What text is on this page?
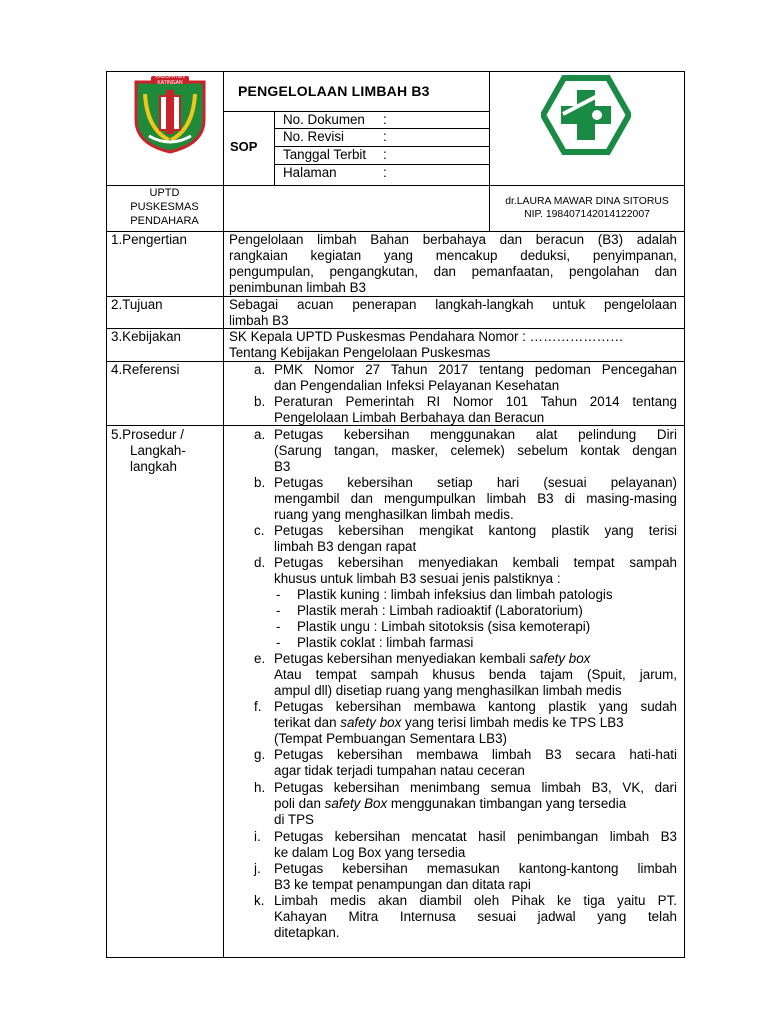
KABUPATEN
KATINGAN	PENGELOLAAN LIMBAH B3
SOP
No. Dokumen :
No. Revisi	:
Tanggal Terbit :
Halaman	:
UPTD
PUSKESMAS
PENDAHARA
dr.LAURA MAWAR DINA SITORUS
NIP. 198407142014122007
1.Pengertian	Pengelolaan limbah Bahan berbahaya dan beracun (B3) adalah
rangkaian kegiatan yang mencakup deduksi, penyimpanan,
pengumpulan, pengangkutan, dan pemanfaatan, pengolahan dan
penimbunan limbah B3
2.Tujuan	Sebagai acuan penerapan langkah-langkah untuk pengelolaan
limbah B3
3.Kebijakan	SK Kepala UPTD Puskesmas Pendahara Nomor : …………………
Tentang Kebijakan Pengelolaan Puskesmas
4.Referensi	a. PMK Nomor 27 Tahun 2017 tentang pedoman Pencegahan
dan Pengendalian Infeksi Pelayanan Kesehatan
b. Peraturan Pemerintah RI Nomor 101 Tahun 2014 tentang
Pengelolaan Limbah Berbahaya dan Beracun
5.Prosedur /
Langkah-
langkah
a. Petugas kebersihan menggunakan alat pelindung Diri
(Sarung tangan, masker, celemek) sebelum kontak dengan
B3
b. Petugas kebersihan setiap hari (sesuai pelayanan)
mengambil dan mengumpulkan limbah B3 di masing-masing
ruang yang menghasilkan limbah medis.
c. Petugas kebersihan mengikat kantong plastik yang terisi
limbah B3 dengan rapat
d. Petugas kebersihan menyediakan kembali tempat sampah
khusus untuk limbah B3 sesuai jenis palstiknya :
- Plastik kuning : limbah infeksius dan limbah patologis
- Plastik merah : Limbah radioaktif (Laboratorium)
- Plastik ungu : Limbah sitotoksis (sisa kemoterapi)
- Plastik coklat : limbah farmasi
e. Petugas kebersihan menyediakan kembali safety box
Atau tempat sampah khusus benda tajam (Spuit, jarum,
ampul dll) disetiap ruang yang menghasilkan limbah medis
f. Petugas kebersihan membawa kantong plastik yang sudah
terikat dan safety box yang terisi limbah medis ke TPS LB3
(Tempat Pembuangan Sementara LB3)
g. Petugas kebersihan membawa limbah B3 secara hati-hati
agar tidak terjadi tumpahan natau ceceran
h. Petugas kebersihan menimbang semua limbah B3, VK, dari
poli dan safety Box menggunakan timbangan yang tersedia
di TPS
i. Petugas kebersihan mencatat hasil penimbangan limbah B3
ke dalam Log Box yang tersedia
j. Petugas kebersihan memasukan kantong-kantong limbah
B3 ke tempat penampungan dan ditata rapi
k. Limbah medis akan diambil oleh Pihak ke tiga yaitu PT.
Kahayan Mitra Internusa sesuai jadwal yang telah
ditetapkan.
